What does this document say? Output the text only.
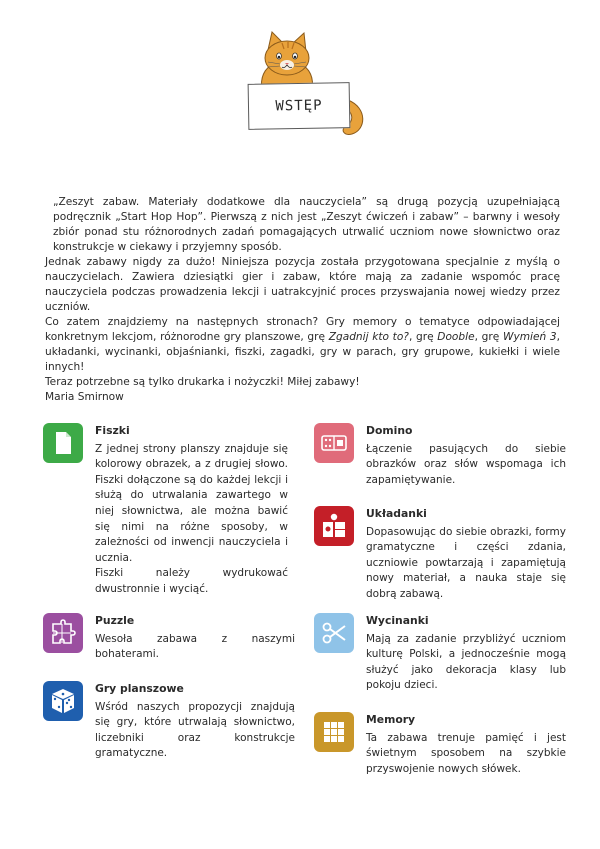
WSTĘP

„Zeszyt zabaw. Materiały dodatkowe dla nauczyciela” są drugą pozycją uzupełniającą podręcznik „Start Hop Hop”. Pierwszą z nich jest „Zeszyt ćwiczeń i zabaw” – barwny i wesoły zbiór ponad stu różnorodnych zadań pomagających utrwalić uczniom nowe słownictwo oraz konstrukcje w ciekawy i przyjemny sposób.

Jednak zabawy nigdy za dużo! Niniejsza pozycja została przygotowana specjalnie z myślą o nauczycielach. Zawiera dziesiątki gier i zabaw, które mają za zadanie wspomóc pracę nauczyciela podczas prowadzenia lekcji i uatrakcyjnić proces przyswajania nowej wiedzy przez uczniów.

Co zatem znajdziemy na następnych stronach? Gry memory o tematyce odpowiadającej konkretnym lekcjom, różnorodne gry planszowe, grę Zgadnij kto to?, grę Dooble, grę Wymień 3, układanki, wycinanki, objaśnianki, fiszki, zagadki, gry w parach, gry grupowe, kukiełki i wiele innych!

Teraz potrzebne są tylko drukarka i nożyczki! Miłej zabawy!

Maria Smirnow

Fiszki
Z jednej strony planszy znajduje się kolorowy obrazek, a z drugiej słowo. Fiszki dołączone są do każdej lekcji i służą do utrwalania zawartego w niej słownictwa, ale można bawić się nimi na różne sposoby, w zależności od inwencji nauczyciela i ucznia.
Fiszki należy wydrukować dwustronnie i wyciąć.
Puzzle
Wesoła zabawa z naszymi bohaterami.
Gry planszowe
Wśród naszych propozycji znajdują się gry, które utrwalają słownictwo, liczebniki oraz konstrukcje gramatyczne.
Domino
Łączenie pasujących do siebie obrazków oraz słów wspomaga ich zapamiętywanie.
Układanki
Dopasowując do siebie obrazki, formy gramatyczne i części zdania, uczniowie powtarzają i zapamiętują nowy materiał, a nauka staje się dobrą zabawą.
Wycinanki
Mają za zadanie przybliżyć uczniom kulturę Polski, a jednocześnie mogą służyć jako dekoracja klasy lub pokoju dzieci.
Memory
Ta zabawa trenuje pamięć i jest świetnym sposobem na szybkie przyswojenie nowych słówek.
